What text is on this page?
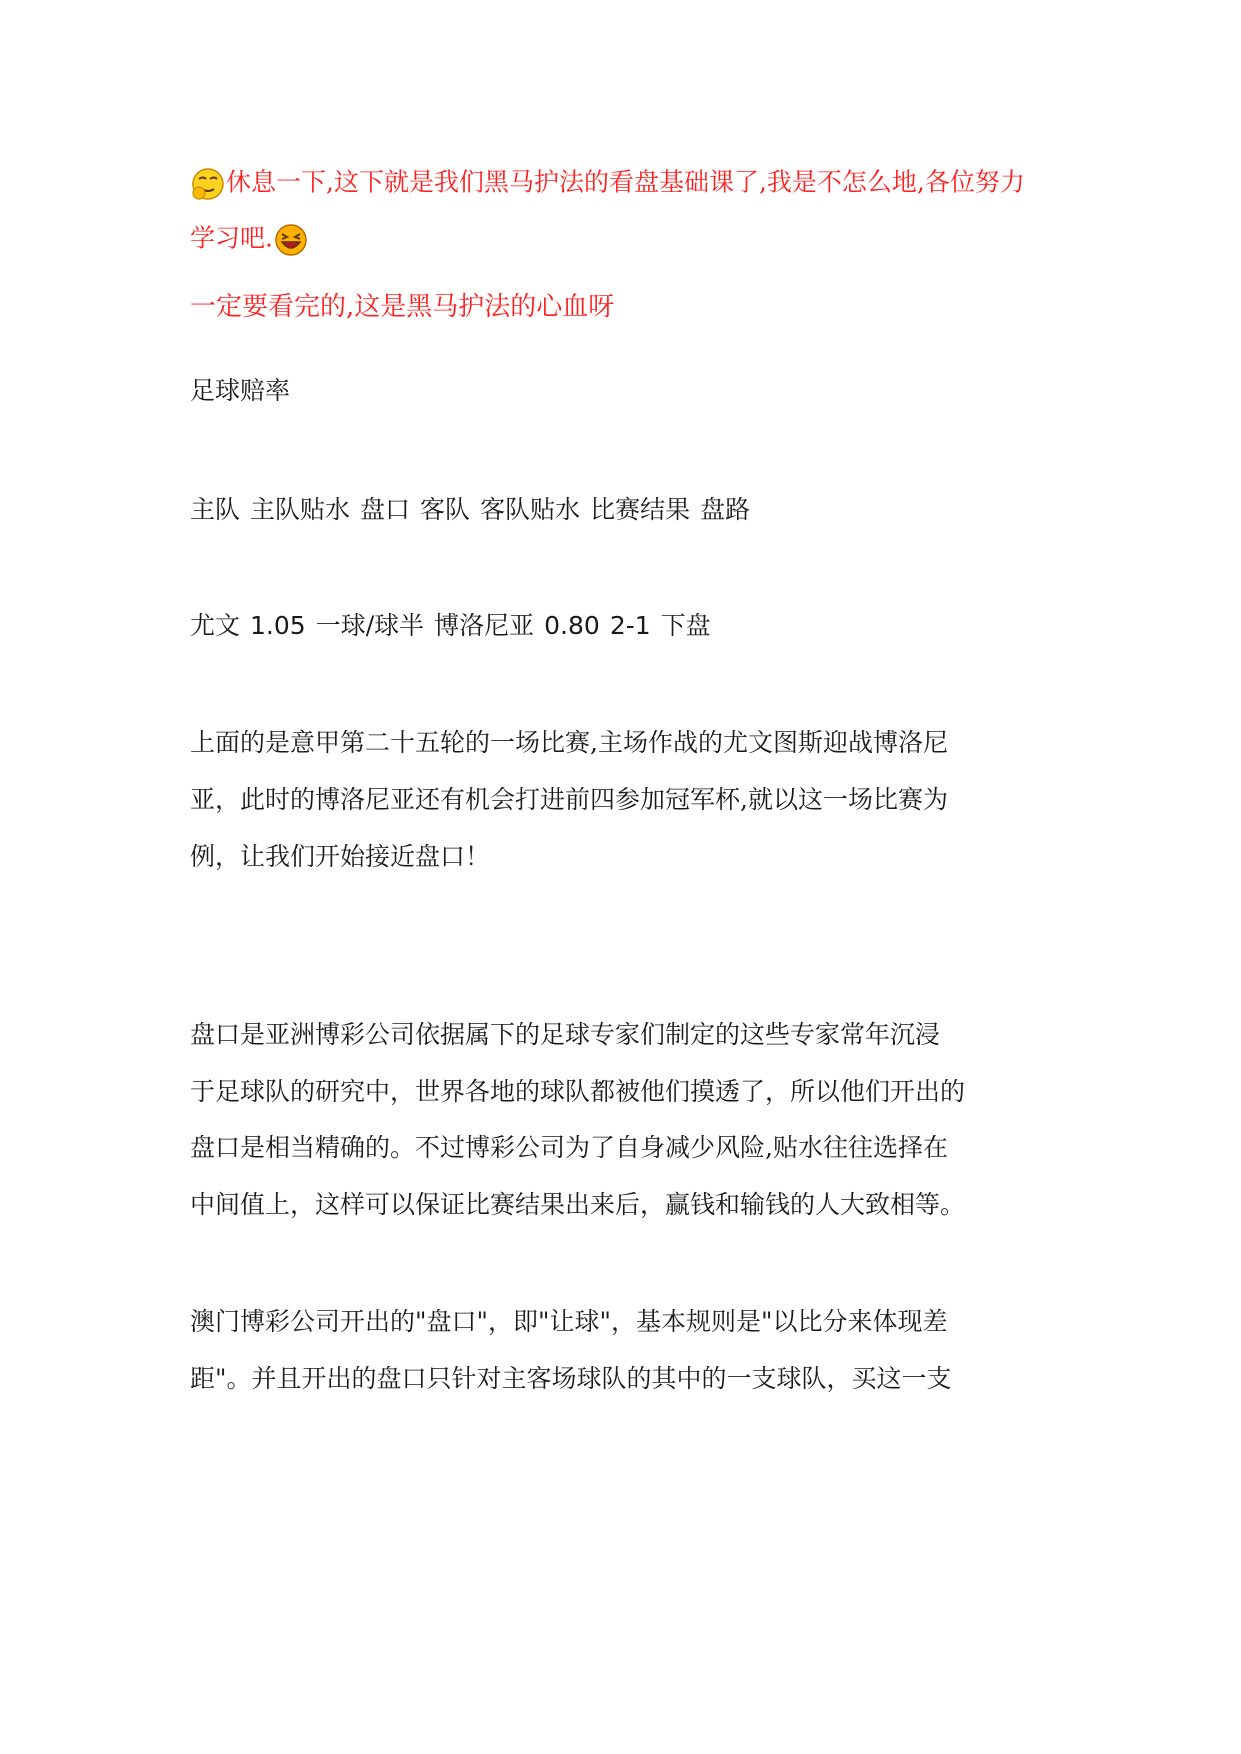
休息一下,这下就是我们黑马护法的看盘基础课了,我是不怎么地,各位努力
学习吧.
一定要看完的,这是黑马护法的心血呀
足球赔率
主队 主队贴水 盘口 客队 客队贴水 比赛结果 盘路
尤文 1.05 一球/球半 博洛尼亚 0.80 2-1 下盘
上面的是意甲第二十五轮的一场比赛,主场作战的尤文图斯迎战博洛尼
亚，此时的博洛尼亚还有机会打进前四参加冠军杯,就以这一场比赛为
例，让我们开始接近盘口！
盘口是亚洲博彩公司依据属下的足球专家们制定的这些专家常年沉浸
于足球队的研究中，世界各地的球队都被他们摸透了，所以他们开出的
盘口是相当精确的。不过博彩公司为了自身减少风险,贴水往往选择在
中间值上，这样可以保证比赛结果出来后，赢钱和输钱的人大致相等。
澳门博彩公司开出的"盘口"，即"让球"，基本规则是"以比分来体现差
距"。并且开出的盘口只针对主客场球队的其中的一支球队，买这一支
